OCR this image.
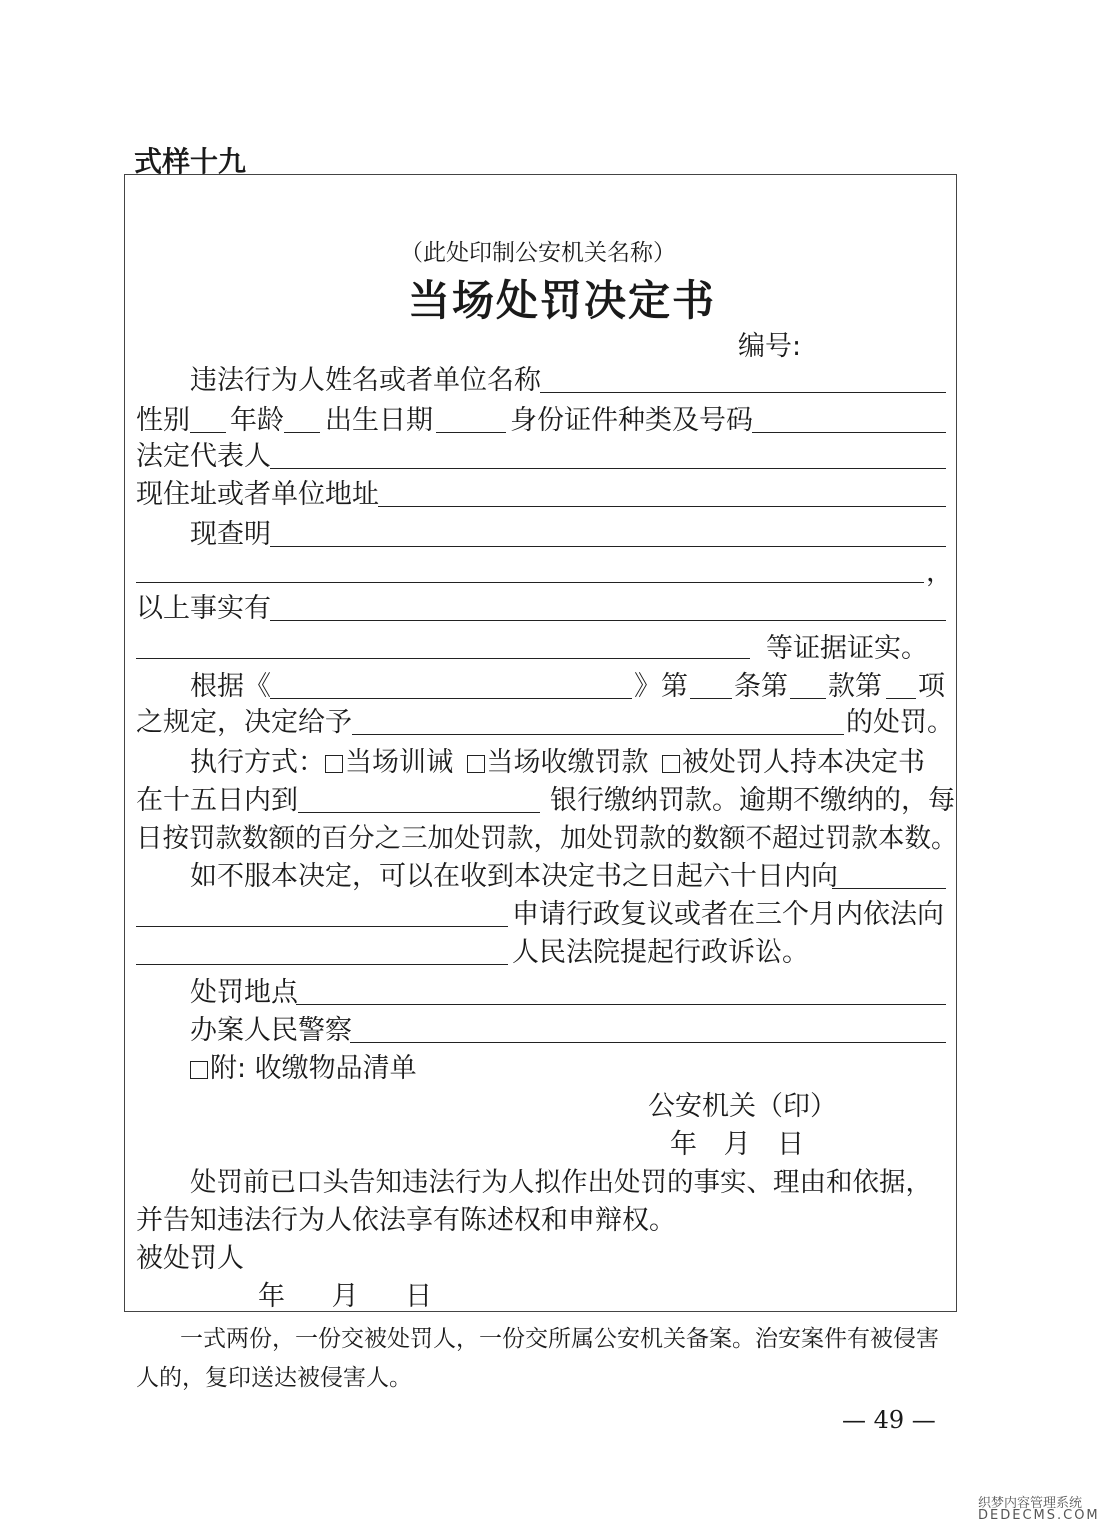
式样十九
（此处印制公安机关名称）
当场处罚决定书
编号:
违法行为人姓名或者单位名称
性别 年龄 出生日期	身份证件种类及号码
法定代表人
现住址或者单位地址
现查明
，
以上事实有
等证据证实。
根据《	》第 条第 款第 项
之规定，决定给予	的处罚。
执行方式： 当场训诫  当场收缴罚款  被处罚人持本决定书
在十五日内到	银行缴纳罚款。逾期不缴纳的，每
日按罚款数额的百分之三加处罚款，加处罚款的数额不超过罚款本数。
如不服本决定，可以在收到本决定书之日起六十日内向
申请行政复议或者在三个月内依法向
人民法院提起行政诉讼。
处罚地点
办案人民警察
附: 收缴物品清单
公安机关（印）
年 月 日
处罚前已口头告知违法行为人拟作出处罚的事实、理由和依据，
并告知违法行为人依法享有陈述权和申辩权。
被处罚人
年 月 日
一式两份，一份交被处罚人，一份交所属公安机关备案。治安案件有被侵害
人的，复印送达被侵害人。
— 49 —
织梦内容管理系统
DEDECMS.COM
